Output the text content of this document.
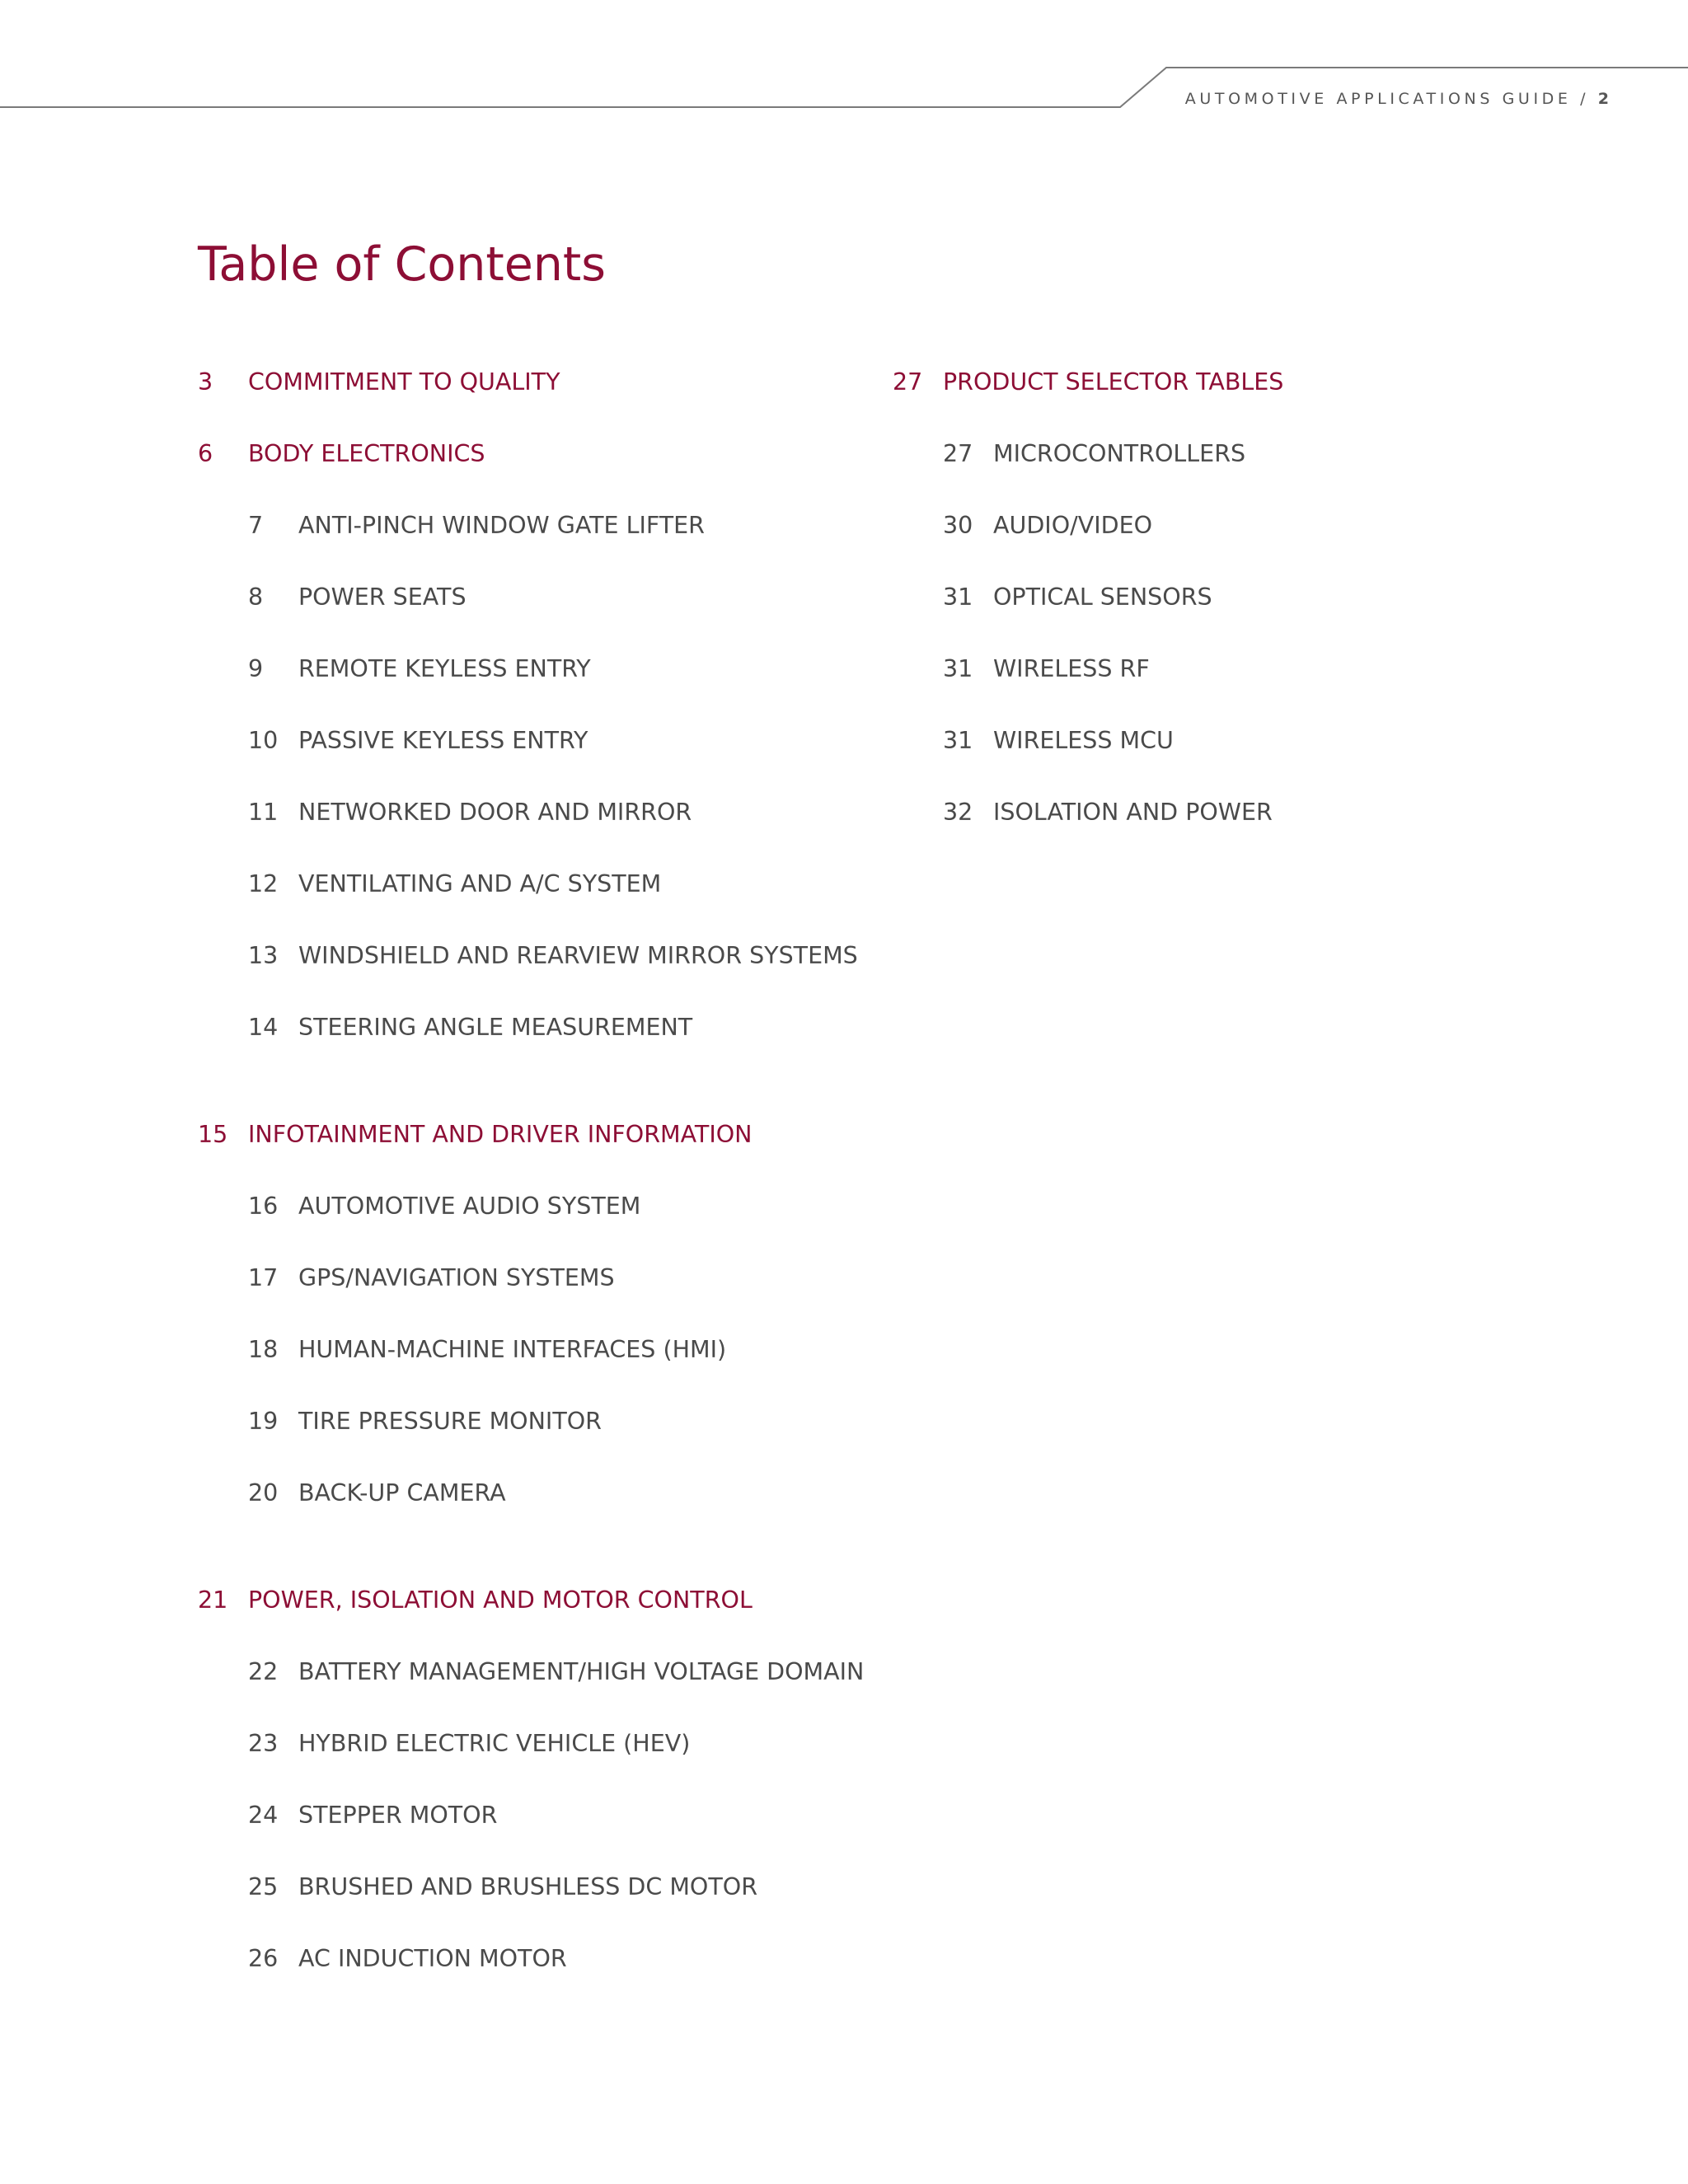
AUTOMOTIVE APPLICATIONS GUIDE / 2
Table of Contents
3 COMMITMENT TO QUALITY
6 BODY ELECTRONICS
7 ANTI-PINCH WINDOW GATE LIFTER
8 POWER SEATS
9 REMOTE KEYLESS ENTRY
10 PASSIVE KEYLESS ENTRY
11 NETWORKED DOOR AND MIRROR
12 VENTILATING AND A/C SYSTEM
13 WINDSHIELD AND REARVIEW MIRROR SYSTEMS
14 STEERING ANGLE MEASUREMENT
15 INFOTAINMENT AND DRIVER INFORMATION
16 AUTOMOTIVE AUDIO SYSTEM
17 GPS/NAVIGATION SYSTEMS
18 HUMAN-MACHINE INTERFACES (HMI)
19 TIRE PRESSURE MONITOR
20 BACK-UP CAMERA
21 POWER, ISOLATION AND MOTOR CONTROL
22 BATTERY MANAGEMENT/HIGH VOLTAGE DOMAIN
23 HYBRID ELECTRIC VEHICLE (HEV)
24 STEPPER MOTOR
25 BRUSHED AND BRUSHLESS DC MOTOR
26 AC INDUCTION MOTOR
27 PRODUCT SELECTOR TABLES
27 MICROCONTROLLERS
30 AUDIO/VIDEO
31 OPTICAL SENSORS
31 WIRELESS RF
31 WIRELESS MCU
32 ISOLATION AND POWER
